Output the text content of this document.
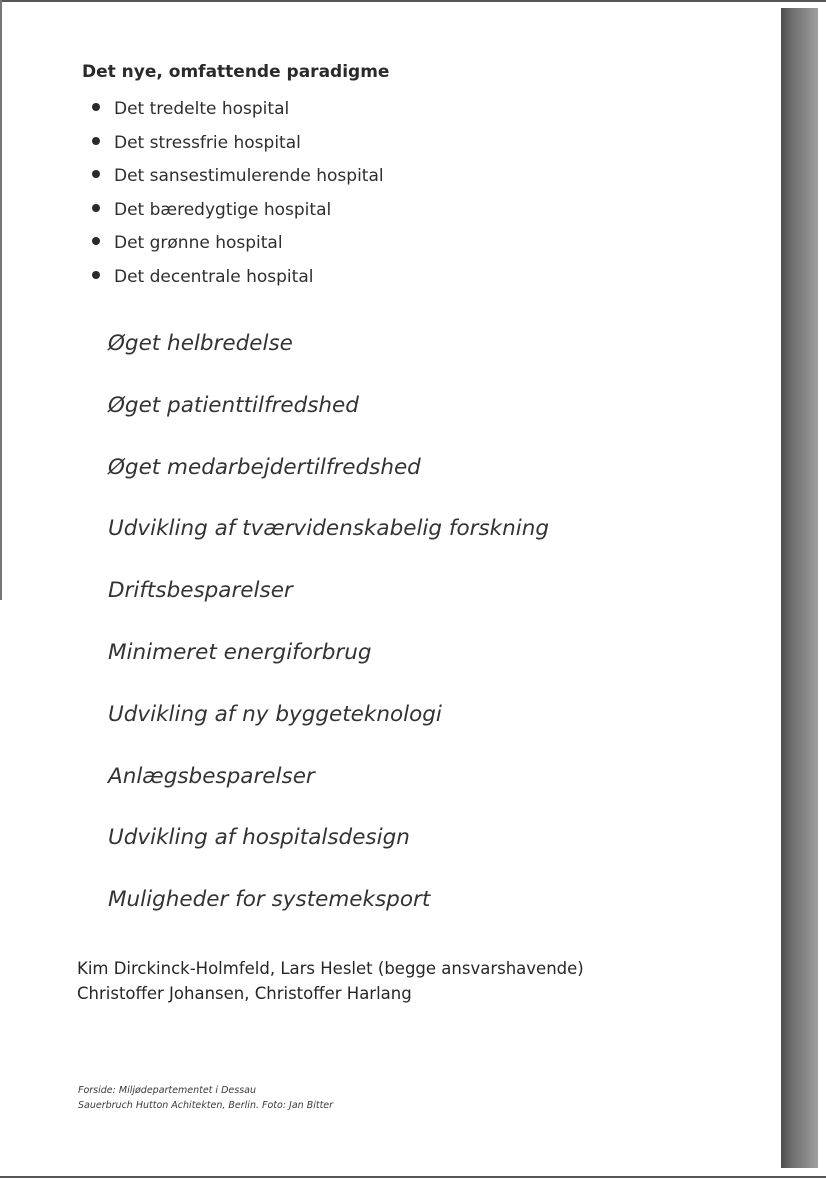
Det nye, omfattende paradigme
Det tredelte hospital
Det stressfrie hospital
Det sansestimulerende hospital
Det bæredygtige hospital
Det grønne hospital
Det decentrale hospital
Øget helbredelse
Øget patienttilfredshed
Øget medarbejdertilfredshed
Udvikling af tværvidenskabelig forskning
Driftsbesparelser
Minimeret energiforbrug
Udvikling af ny byggeteknologi
Anlægsbesparelser
Udvikling af hospitalsdesign
Muligheder for systemeksport
Kim Dirckinck-Holmfeld, Lars Heslet (begge ansvarshavende)
Christoffer Johansen, Christoffer Harlang
Forside: Miljødepartementet i Dessau
Sauerbruch Hutton Achitekten, Berlin. Foto: Jan Bitter
